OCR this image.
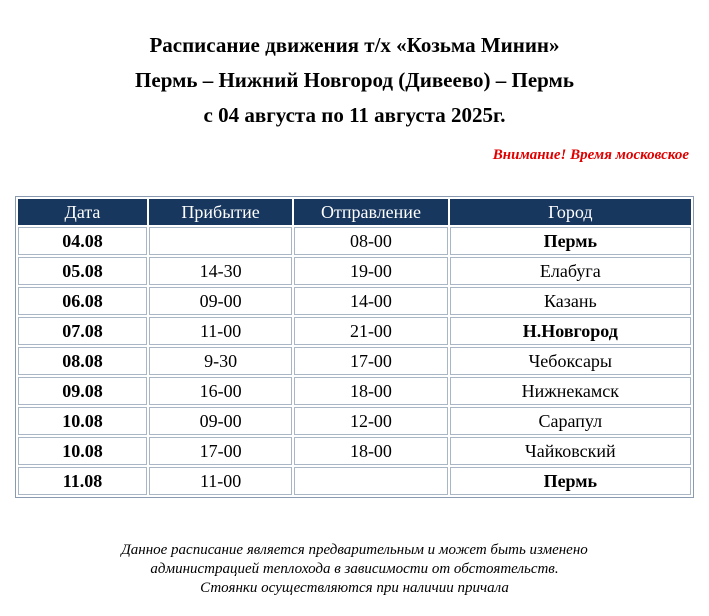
Расписание движения т/х «Козьма Минин»
Пермь – Нижний Новгород (Дивеево) – Пермь
с 04 августа по 11 августа 2025г.
Внимание! Время московское
Дата	Прибытие	Отправление	Город
04.08		08-00	Пермь
05.08	14-30	19-00	Елабуга
06.08	09-00	14-00	Казань
07.08	11-00	21-00	Н.Новгород
08.08	9-30	17-00	Чебоксары
09.08	16-00	18-00	Нижнекамск
10.08	09-00	12-00	Сарапул
10.08	17-00	18-00	Чайковский
11.08	11-00		Пермь
Данное расписание является предварительным и может быть изменено
администрацией теплохода в зависимости от обстоятельств.
Стоянки осуществляются при наличии причала
